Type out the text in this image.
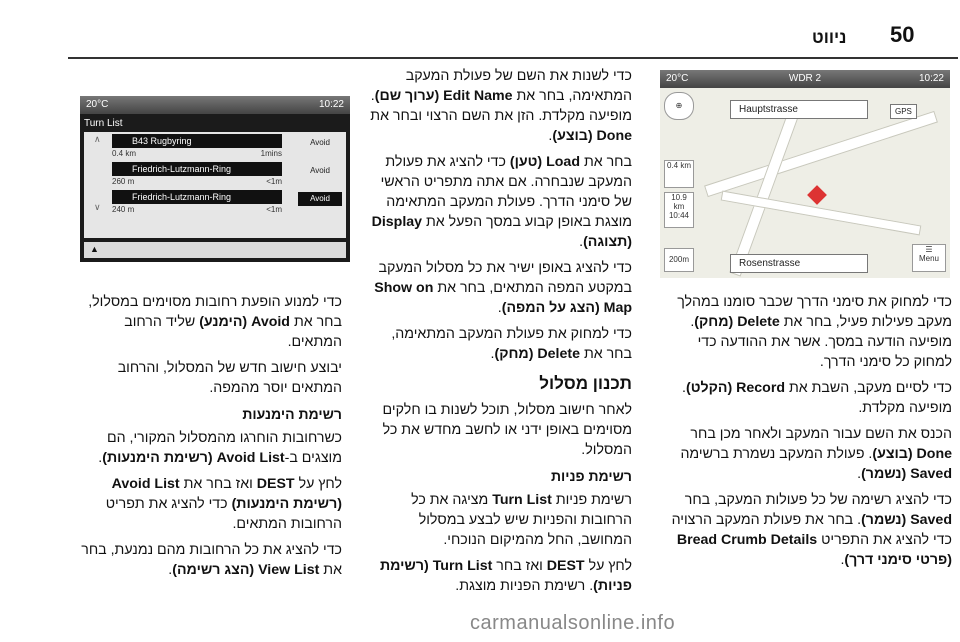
50
ניווט
20°C	WDR 2	10:22
Hauptstrasse	GPS
Rosenstrasse
⊕
0.4 km
10.9 km
10:44
200m
☰
Menu
20°C	10:22
Turn List
∧
∨
B43 Rugbyring
0.4 km	1mins
Avoid
Friedrich-Lutzmann-Ring
260 m	<1m
Avoid
Friedrich-Lutzmann-Ring
240 m	<1m
Avoid
▲

כדי למחוק את סימני הדרך שכבר סומנו במהלך מעקב פעילות פעיל, בחר את Delete (מחק). מופיעה הודעה במסך. אשר את ההודעה כדי למחוק כל סימני הדרך.

כדי לסיים מעקב, השבת את Record (הקלט). מופיעה מקלדת.

הכנס את השם עבור המעקב ולאחר מכן בחר Done (בוצע). פעולת המעקב נשמרת ברשימה Saved (נשמר).

כדי להציג רשימה של כל פעולות המעקב, בחר Saved (נשמר). בחר את פעולת המעקב הרצויה כדי להציג את התפריט Bread Crumb Details (פרטי סימני דרך).

כדי לשנות את השם של פעולת המעקב המתאימה, בחר את Edit Name (ערוך שם). מופיעה מקלדת. הזן את השם הרצוי ובחר את Done (בוצע).

בחר את Load (טען) כדי להציג את פעולת המעקב שנבחרה. אם אתה מתפריט הראשי של סימני הדרך. פעולת המעקב המתאימה מוצגת באופן קבוע במסך הפעל את Display (תצוגה).

כדי להציג באופן ישיר את כל מסלול המעקב במקטע המפה המתאים, בחר את Show on Map (הצג על המפה).

כדי למחוק את פעולת המעקב המתאימה, בחר את Delete (מחק).

תכנון מסלול

לאחר חישוב מסלול, תוכל לשנות בו חלקים מסוימים באופן ידני או לחשב מחדש את כל המסלול.

רשימת פניות

רשימת פניות Turn List מציגה את כל הרחובות והפניות שיש לבצע במסלול המחושב, החל מהמיקום הנוכחי.

לחץ על DEST ואז בחר Turn List (רשימת פניות). רשימת הפניות מוצגת.

כדי למנוע הופעת רחובות מסוימים במסלול, בחר את Avoid (הימנע) שליד הרחוב המתאים.

יבוצע חישוב חדש של המסלול, והרחוב המתאים יוסר מהמפה.

רשימת הימנעות

כשרחובות הוחרגו מהמסלול המקורי, הם מוצגים ב-Avoid List (רשימת הימנעות).

לחץ על DEST ואז בחר את Avoid List (רשימת הימנעות) כדי להציג את תפריט הרחובות המתאים.

כדי להציג את כל הרחובות מהם נמנעת, בחר את View List (הצג רשימה).

carmanualsonline.info
